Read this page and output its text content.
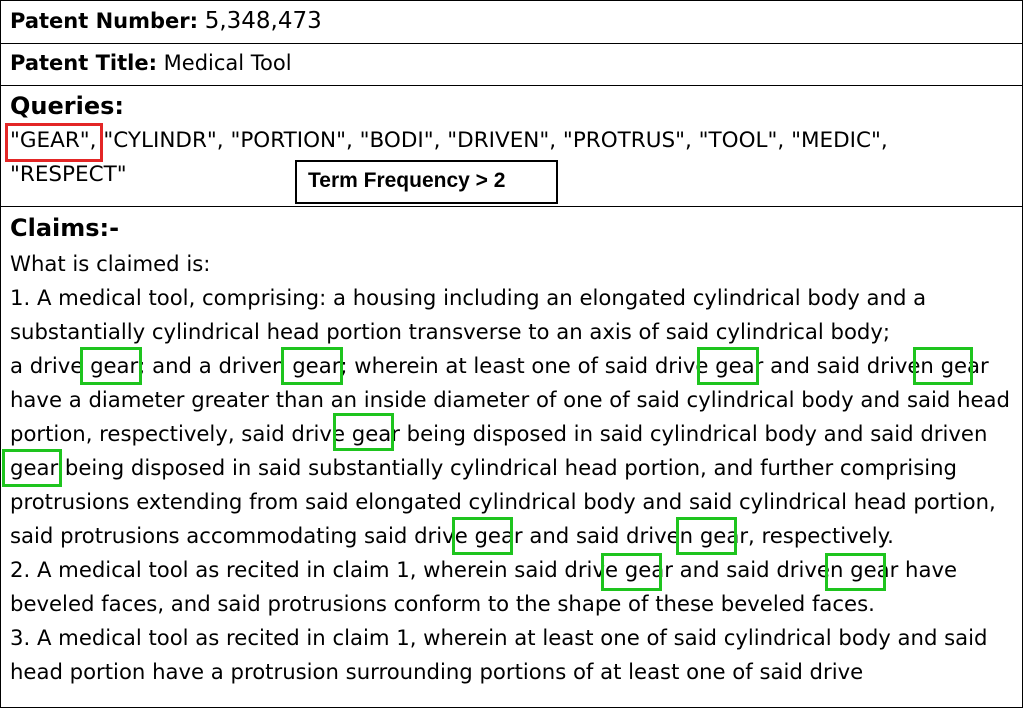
Patent Number: 5,348,473
Patent Title: Medical Tool
Queries:
"GEAR", "CYLINDR", "PORTION", "BODI", "DRIVEN", "PROTRUS", "TOOL", "MEDIC",
"RESPECT"	Term Frequency > 2
Claims:-
What is claimed is:
1. A medical tool, comprising: a housing including an elongated cylindrical body and a
substantially cylindrical head portion transverse to an axis of said cylindrical body;
a drive gear; and a driven gear; wherein at least one of said drive gear and said driven gear
have a diameter greater than an inside diameter of one of said cylindrical body and said head
portion, respectively, said drive gear being disposed in said cylindrical body and said driven
gear being disposed in said substantially cylindrical head portion, and further comprising
protrusions extending from said elongated cylindrical body and said cylindrical head portion,
said protrusions accommodating said drive gear and said driven gear, respectively.
2. A medical tool as recited in claim 1, wherein said drive gear and said driven gear have
beveled faces, and said protrusions conform to the shape of these beveled faces.
3. A medical tool as recited in claim 1, wherein at least one of said cylindrical body and said
head portion have a protrusion surrounding portions of at least one of said drive
